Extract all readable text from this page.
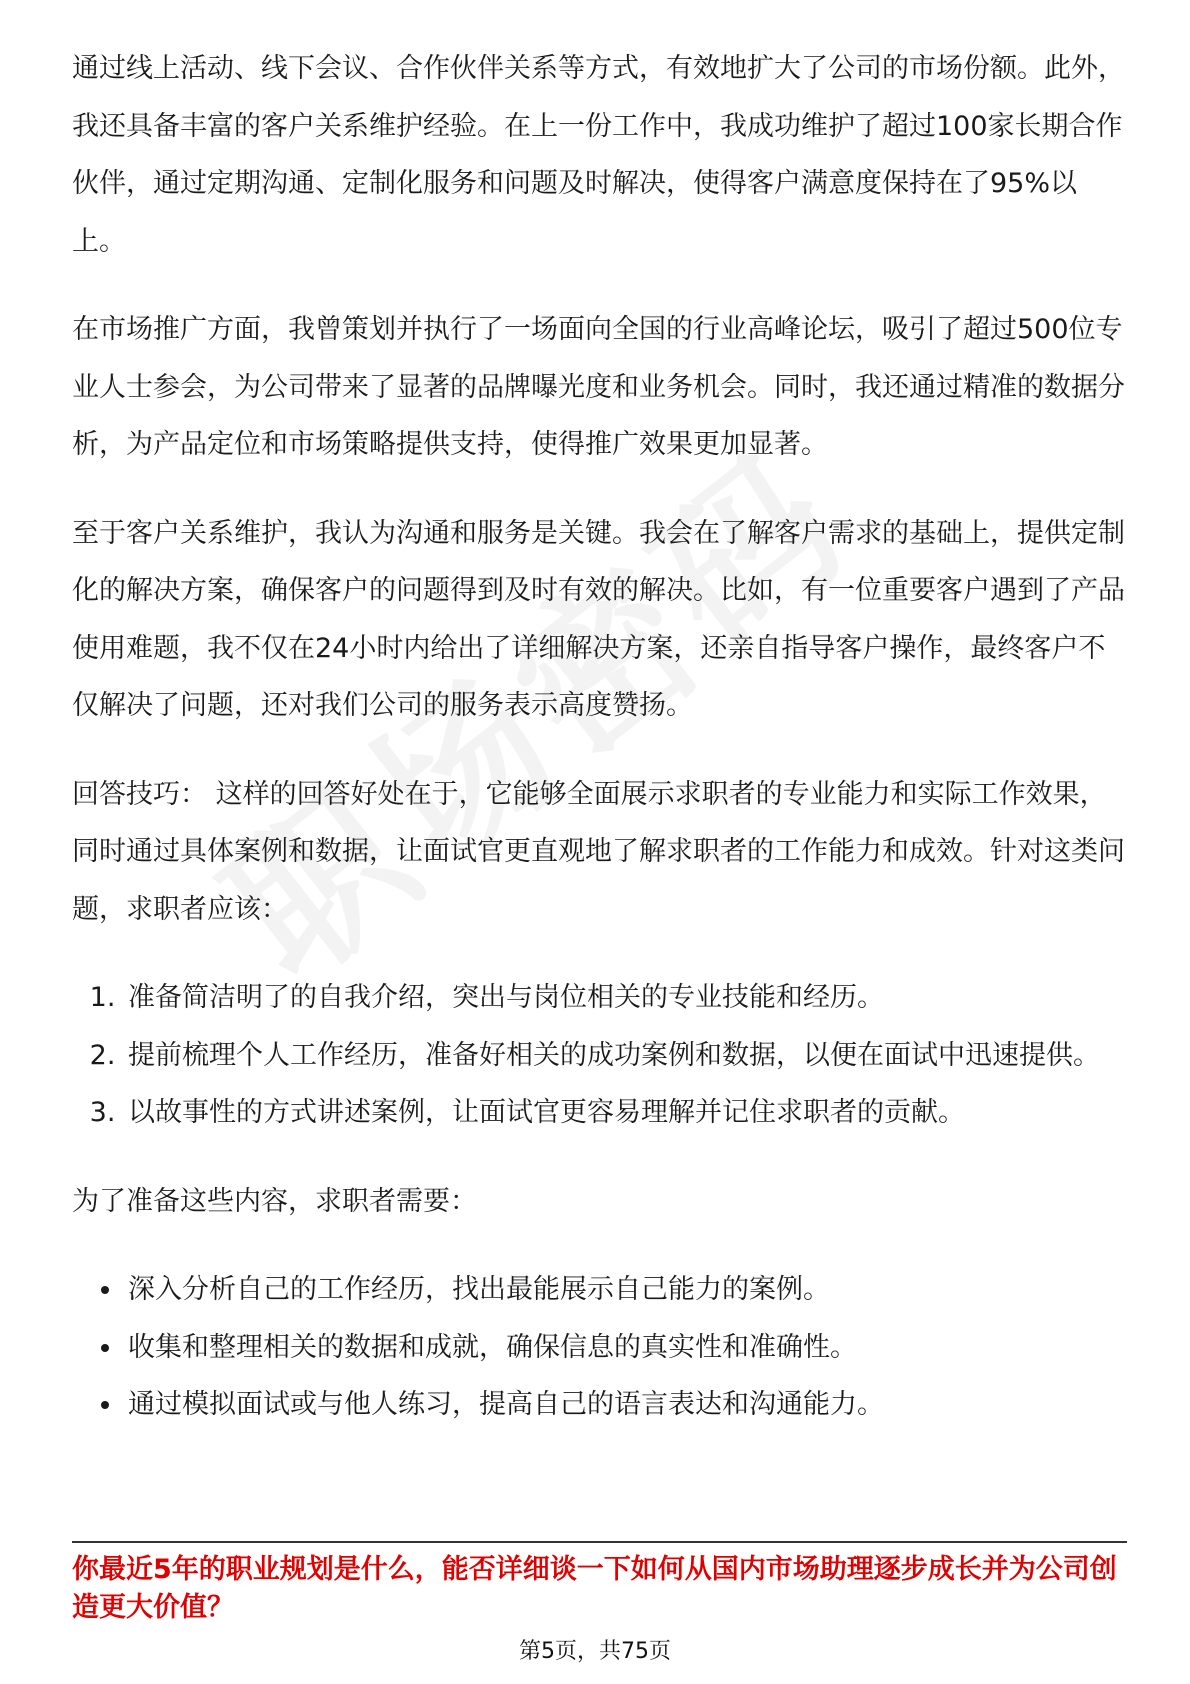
通过线上活动、线下会议、合作伙伴关系等方式，有效地扩大了公司的市场份额。此外，我还具备丰富的客户关系维护经验。在上一份工作中，我成功维护了超过100家长期合作伙伴，通过定期沟通、定制化服务和问题及时解决，使得客户满意度保持在了95%以上。

在市场推广方面，我曾策划并执行了一场面向全国的行业高峰论坛，吸引了超过500位专业人士参会，为公司带来了显著的品牌曝光度和业务机会。同时，我还通过精准的数据分析，为产品定位和市场策略提供支持，使得推广效果更加显著。

至于客户关系维护，我认为沟通和服务是关键。我会在了解客户需求的基础上，提供定制化的解决方案，确保客户的问题得到及时有效的解决。比如，有一位重要客户遇到了产品使用难题，我不仅在24小时内给出了详细解决方案，还亲自指导客户操作，最终客户不仅解决了问题，还对我们公司的服务表示高度赞扬。

回答技巧： 这样的回答好处在于，它能够全面展示求职者的专业能力和实际工作效果，同时通过具体案例和数据，让面试官更直观地了解求职者的工作能力和成效。针对这类问题，求职者应该：

1. 准备简洁明了的自我介绍，突出与岗位相关的专业技能和经历。
2. 提前梳理个人工作经历，准备好相关的成功案例和数据，以便在面试中迅速提供。
3. 以故事性的方式讲述案例，让面试官更容易理解并记住求职者的贡献。

为了准备这些内容，求职者需要：

• 深入分析自己的工作经历，找出最能展示自己能力的案例。
• 收集和整理相关的数据和成就，确保信息的真实性和准确性。
• 通过模拟面试或与他人练习，提高自己的语言表达和沟通能力。

你最近5年的职业规划是什么，能否详细谈一下如何从国内市场助理逐步成长并为公司创造更大价值？

第5页，共75页
